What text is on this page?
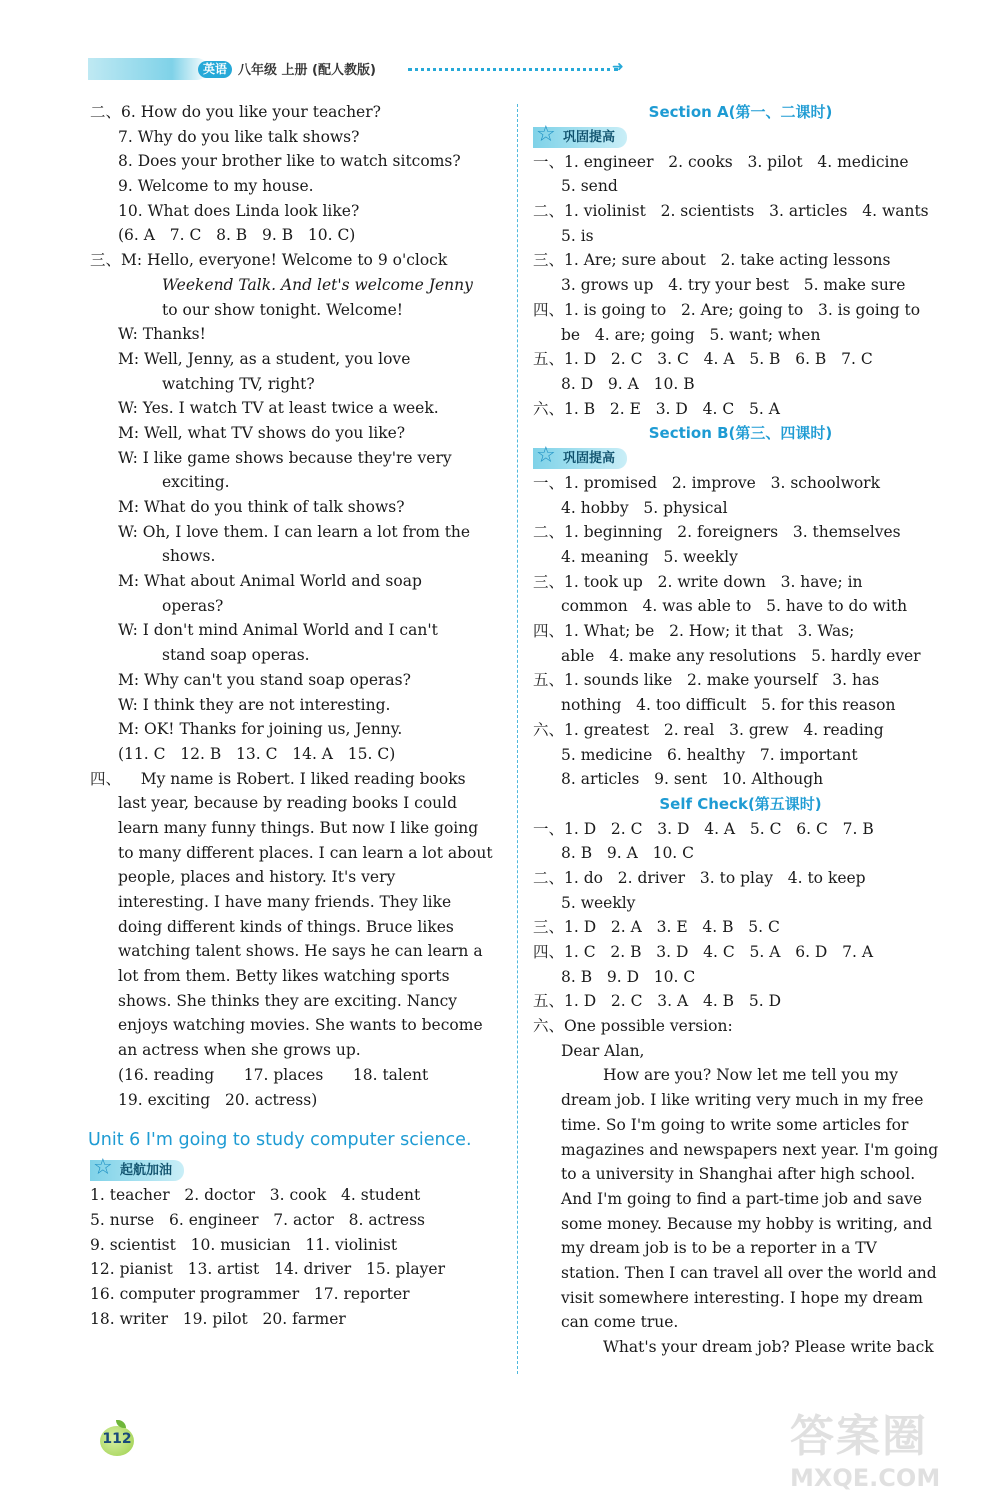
英语 八年级 上册 (配人教版)	➜
二、6. How do you like your teacher?
7. Why do you like talk shows?
8. Does your brother like to watch sitcoms?
9. Welcome to my house.
10. What does Linda look like?
(6. A   7. C   8. B   9. B   10. C)
三、M: Hello, everyone! Welcome to 9 o'clock
Weekend Talk. And let's welcome Jenny
to our show tonight. Welcome!
W: Thanks!
M: Well, Jenny, as a student, you love
watching TV, right?
W: Yes. I watch TV at least twice a week.
M: Well, what TV shows do you like?
W: I like game shows because they're very
exciting.
M: What do you think of talk shows?
W: Oh, I love them. I can learn a lot from the
shows.
M: What about Animal World and soap
operas?
W: I don't mind Animal World and I can't
stand soap operas.
M: Why can't you stand soap operas?
W: I think they are not interesting.
M: OK! Thanks for joining us, Jenny.
(11. C   12. B   13. C   14. A   15. C)
四、    My name is Robert. I liked reading books
last year, because by reading books I could
learn many funny things. But now I like going
to many different places. I can learn a lot about
people, places and history. It's very
interesting. I have many friends. They like
doing different kinds of things. Bruce likes
watching talent shows. He says he can learn a
lot from them. Betty likes watching sports
shows. She thinks they are exciting. Nancy
enjoys watching movies. She wants to become
an actress when she grows up.
(16. reading      17. places      18. talent
19. exciting   20. actress)
Unit 6 I'm going to study computer science.
☆ 起航加油
1. teacher   2. doctor   3. cook   4. student
5. nurse   6. engineer   7. actor   8. actress
9. scientist   10. musician   11. violinist
12. pianist   13. artist   14. driver   15. player
16. computer programmer   17. reporter
18. writer   19. pilot   20. farmer
Section A(第一、二课时)
☆ 巩固提高
一、1. engineer   2. cooks   3. pilot   4. medicine
5. send
二、1. violinist   2. scientists   3. articles   4. wants
5. is
三、1. Are; sure about   2. take acting lessons
3. grows up   4. try your best   5. make sure
四、1. is going to   2. Are; going to   3. is going to
be   4. are; going   5. want; when
五、1. D   2. C   3. C   4. A   5. B   6. B   7. C
8. D   9. A   10. B
六、1. B   2. E   3. D   4. C   5. A
Section B(第三、四课时)
☆ 巩固提高
一、1. promised   2. improve   3. schoolwork
4. hobby   5. physical
二、1. beginning   2. foreigners   3. themselves
4. meaning   5. weekly
三、1. took up   2. write down   3. have; in
common   4. was able to   5. have to do with
四、1. What; be   2. How; it that   3. Was;
able   4. make any resolutions   5. hardly ever
五、1. sounds like   2. make yourself   3. has
nothing   4. too difficult   5. for this reason
六、1. greatest   2. real   3. grew   4. reading
5. medicine   6. healthy   7. important
8. articles   9. sent   10. Although
Self Check(第五课时)
一、1. D   2. C   3. D   4. A   5. C   6. C   7. B
8. B   9. A   10. C
二、1. do   2. driver   3. to play   4. to keep
5. weekly
三、1. D   2. A   3. E   4. B   5. C
四、1. C   2. B   3. D   4. C   5. A   6. D   7. A
8. B   9. D   10. C
五、1. D   2. C   3. A   4. B   5. D
六、One possible version:
Dear Alan,
How are you? Now let me tell you my
dream job. I like writing very much in my free
time. So I'm going to write some articles for
magazines and newspapers next year. I'm going
to a university in Shanghai after high school.
And I'm going to find a part-time job and save
some money. Because my hobby is writing, and
my dream job is to be a reporter in a TV
station. Then I can travel all over the world and
visit somewhere interesting. I hope my dream
can come true.
What's your dream job? Please write back
112	答案圈
MXQE.COM
